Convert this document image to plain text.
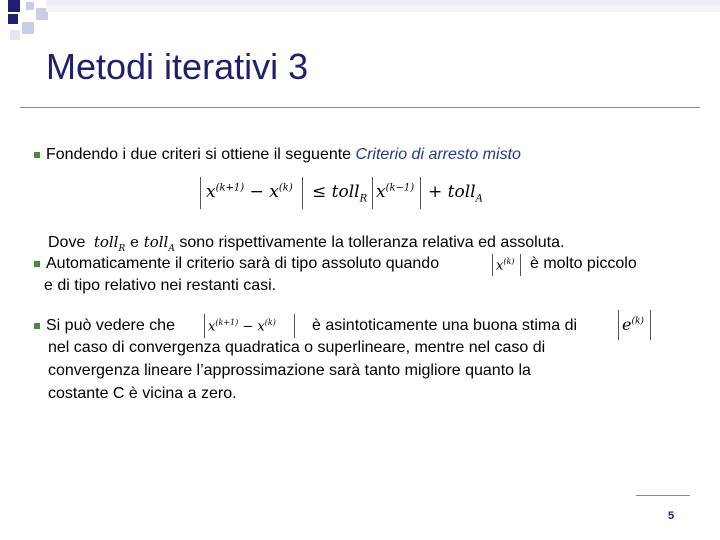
Metodi iterativi 3
Fondendo i due criteri si ottiene il seguente Criterio di arresto misto
$x^{(k+1)} - x^{(k)}$ ≤ toll$_R$ $x^{(k-1)}$ + toll$_A$
Dove toll$_R$ e toll$_A$ sono rispettivamente la tolleranza relativa ed assoluta.
Automaticamente il criterio sarà di tipo assoluto quando	$x^{(k)}$ è molto piccolo
e di tipo relativo nei restanti casi.
Si può vedere che	$x^{(k+1)} - x^{(k)}$ è asintoticamente una buona stima di	$e^{(k)}$
nel caso di convergenza quadratica o superlineare, mentre nel caso di
convergenza lineare l’approssimazione sarà tanto migliore quanto la
costante C è vicina a zero.
5
